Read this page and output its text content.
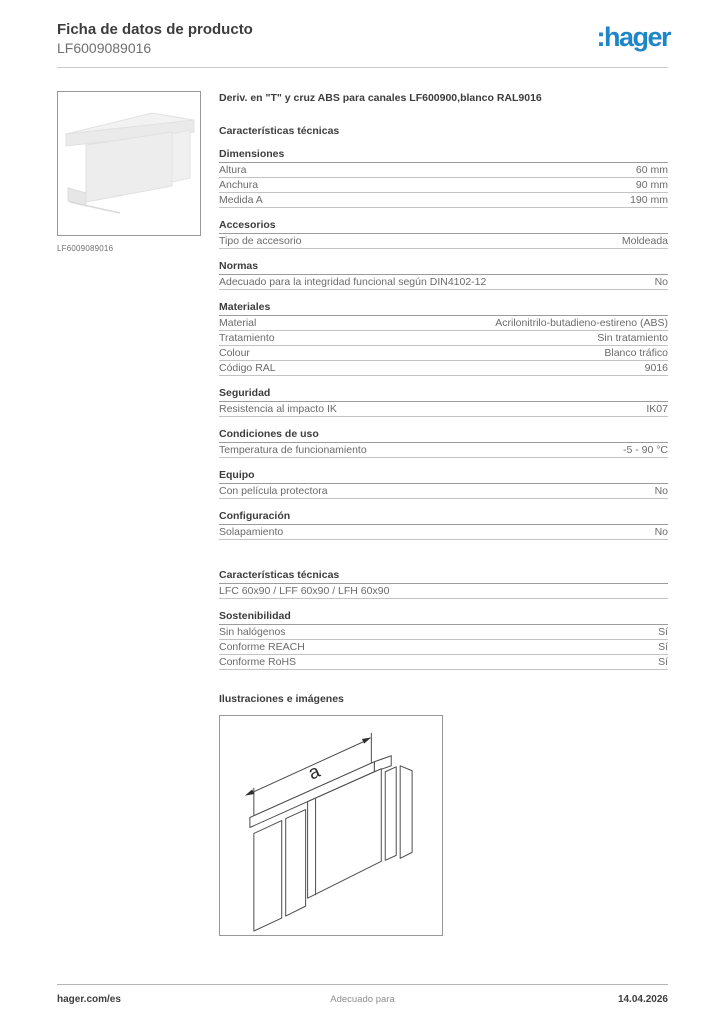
Ficha de datos de producto
LF6009089016	:hager
LF6009089016
Deriv. en "T" y cruz ABS para canales LF600900,blanco RAL9016
Características técnicas
Dimensiones
Altura	60 mm
Anchura	90 mm
Medida A	190 mm
Accesorios
Tipo de accesorio	Moldeada
Normas
Adecuado para la integridad funcional según DIN4102-12	No
Materiales
Material	Acrilonitrilo-butadieno-estireno (ABS)
Tratamiento	Sin tratamiento
Colour	Blanco tráfico
Código RAL	9016
Seguridad
Resistencia al impacto IK	IK07
Condiciones de uso
Temperatura de funcionamiento	-5 - 90 °C
Equipo
Con película protectora	No
Configuración
Solapamiento	No
Características técnicas
LFC 60x90 / LFF 60x90 / LFH 60x90
Sostenibilidad
Sin halógenos	Sí
Conforme REACH	Sí
Conforme RoHS	Sí
Ilustraciones e imágenes
a
Adecuado para
hager.com/es	14.04.2026
